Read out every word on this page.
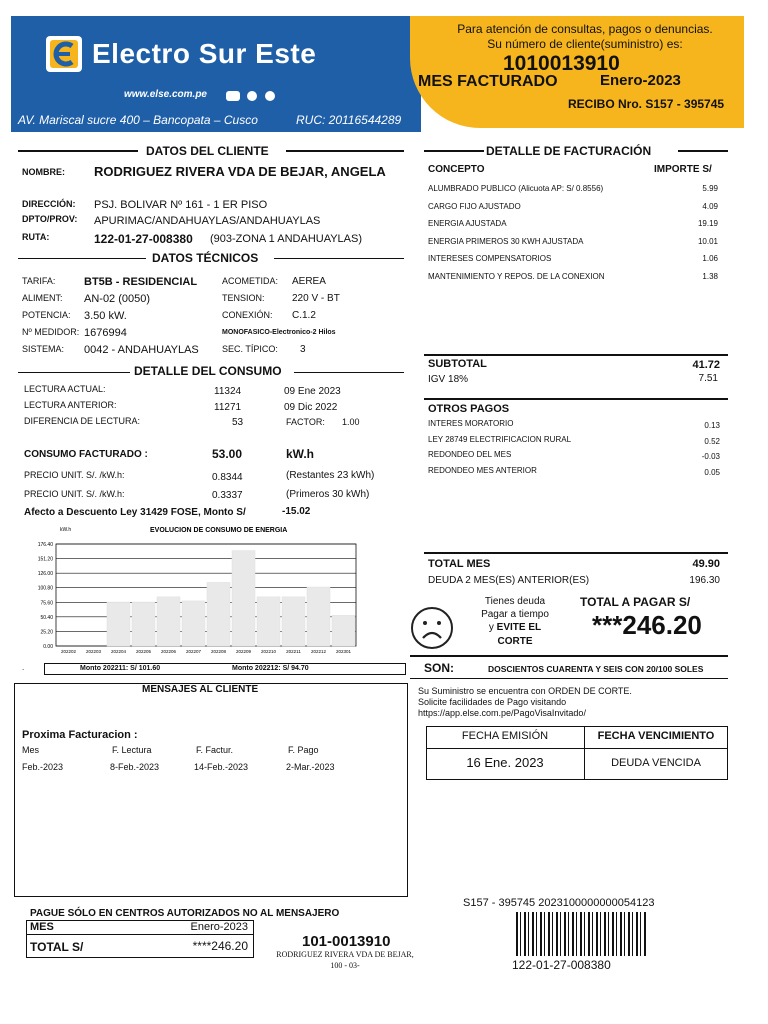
Electro Sur Este
www.else.com.pe

AV. Mariscal sucre 400 – Bancopata – Cusco	RUC: 20116544289
Para atención de consultas, pagos o denuncias.
Su número de cliente(suministro) es:
1010013910
MES FACTURADO	Enero-2023
RECIBO Nro. S157 - 395745
DATOS DEL CLIENTE
NOMBRE: RODRIGUEZ RIVERA VDA DE BEJAR, ANGELA
DIRECCIÓN: PSJ. BOLIVAR Nº 161 - 1 ER PISO
DPTO/PROV: APURIMAC/ANDAHUAYLAS/ANDAHUAYLAS
RUTA:	122-01-27-008380 (903-ZONA 1 ANDAHUAYLAS)
DATOS TÉCNICOS
TARIFA:	BT5B - RESIDENCIAL	ACOMETIDA: AEREA
ALIMENT: AN-02 (0050)	TENSION:	220 V - BT
POTENCIA: 3.50 kW.	CONEXIÓN: C.1.2
Nº MEDIDOR: 1676994	MONOFASICO-Electronico-2 Hilos
SISTEMA: 0042 - ANDAHUAYLAS	SEC. TÍPICO: 3
DETALLE DEL CONSUMO
LECTURA ACTUAL:	11324	09 Ene 2023
LECTURA ANTERIOR:	11271	09 Dic 2022
DIFERENCIA DE LECTURA:	53	FACTOR: 1.00
CONSUMO FACTURADO :	53.00	kW.h
PRECIO UNIT. S/. /kW.h:	0.8344	(Restantes 23 kWh)
PRECIO UNIT. S/. /kW.h:	0.3337	(Primeros 30 kWh)
Afecto a Descuento Ley 31429 FOSE, Monto S/	-15.02
kW.h	EVOLUCION DE CONSUMO DE ENERGIA
176.40
151.20
126.00
100.80
75.60
50.40
25.20
0.00
202202 202203 202204 202205 202206 202207 202208 202209 202210 202211 202212 202301
.	Monto 202211: S/ 101.60	Monto 202212: S/ 94.70
MENSAJES AL CLIENTE
Proxima Facturacion :
Mes	F. Lectura	F. Factur.	F. Pago
Feb.-2023	8-Feb.-2023	14-Feb.-2023	2-Mar.-2023
DETALLE DE FACTURACIÓN
CONCEPTO	IMPORTE S/
ALUMBRADO PUBLICO (Alicuota AP: S/ 0.8556)	5.99
CARGO FIJO AJUSTADO	4.09
ENERGIA AJUSTADA	19.19
ENERGIA PRIMEROS 30 KWH AJUSTADA	10.01
INTERESES COMPENSATORIOS	1.06
MANTENIMIENTO Y REPOS. DE LA CONEXION	1.38
SUBTOTAL	41.72
IGV 18%	7.51
OTROS PAGOS
INTERES MORATORIO	0.13
LEY 28749 ELECTRIFICACION RURAL	0.52
REDONDEO DEL MES	-0.03
REDONDEO MES ANTERIOR	0.05
TOTAL MES	49.90
DEUDA 2 MES(ES) ANTERIOR(ES)	196.30
Tienes deuda
Pagar a tiempo
y EVITE EL
CORTE
TOTAL A PAGAR S/
***246.20
SON:	DOSCIENTOS CUARENTA Y SEIS CON 20/100 SOLES
Su Suministro se encuentra con ORDEN DE CORTE.
Solicite facilidades de Pago visitando
https://app.else.com.pe/PagoVisaInvitado/
FECHA EMISIÓN	FECHA VENCIMIENTO
16 Ene. 2023	DEUDA VENCIDA
PAGUE SÓLO EN CENTROS AUTORIZADOS NO AL MENSAJERO
MES	Enero-2023
TOTAL S/	****246.20	101-0013910
RODRIGUEZ RIVERA VDA DE BEJAR,
100 - 03-
S157 - 395745 2023100000000054123
122-01-27-008380
